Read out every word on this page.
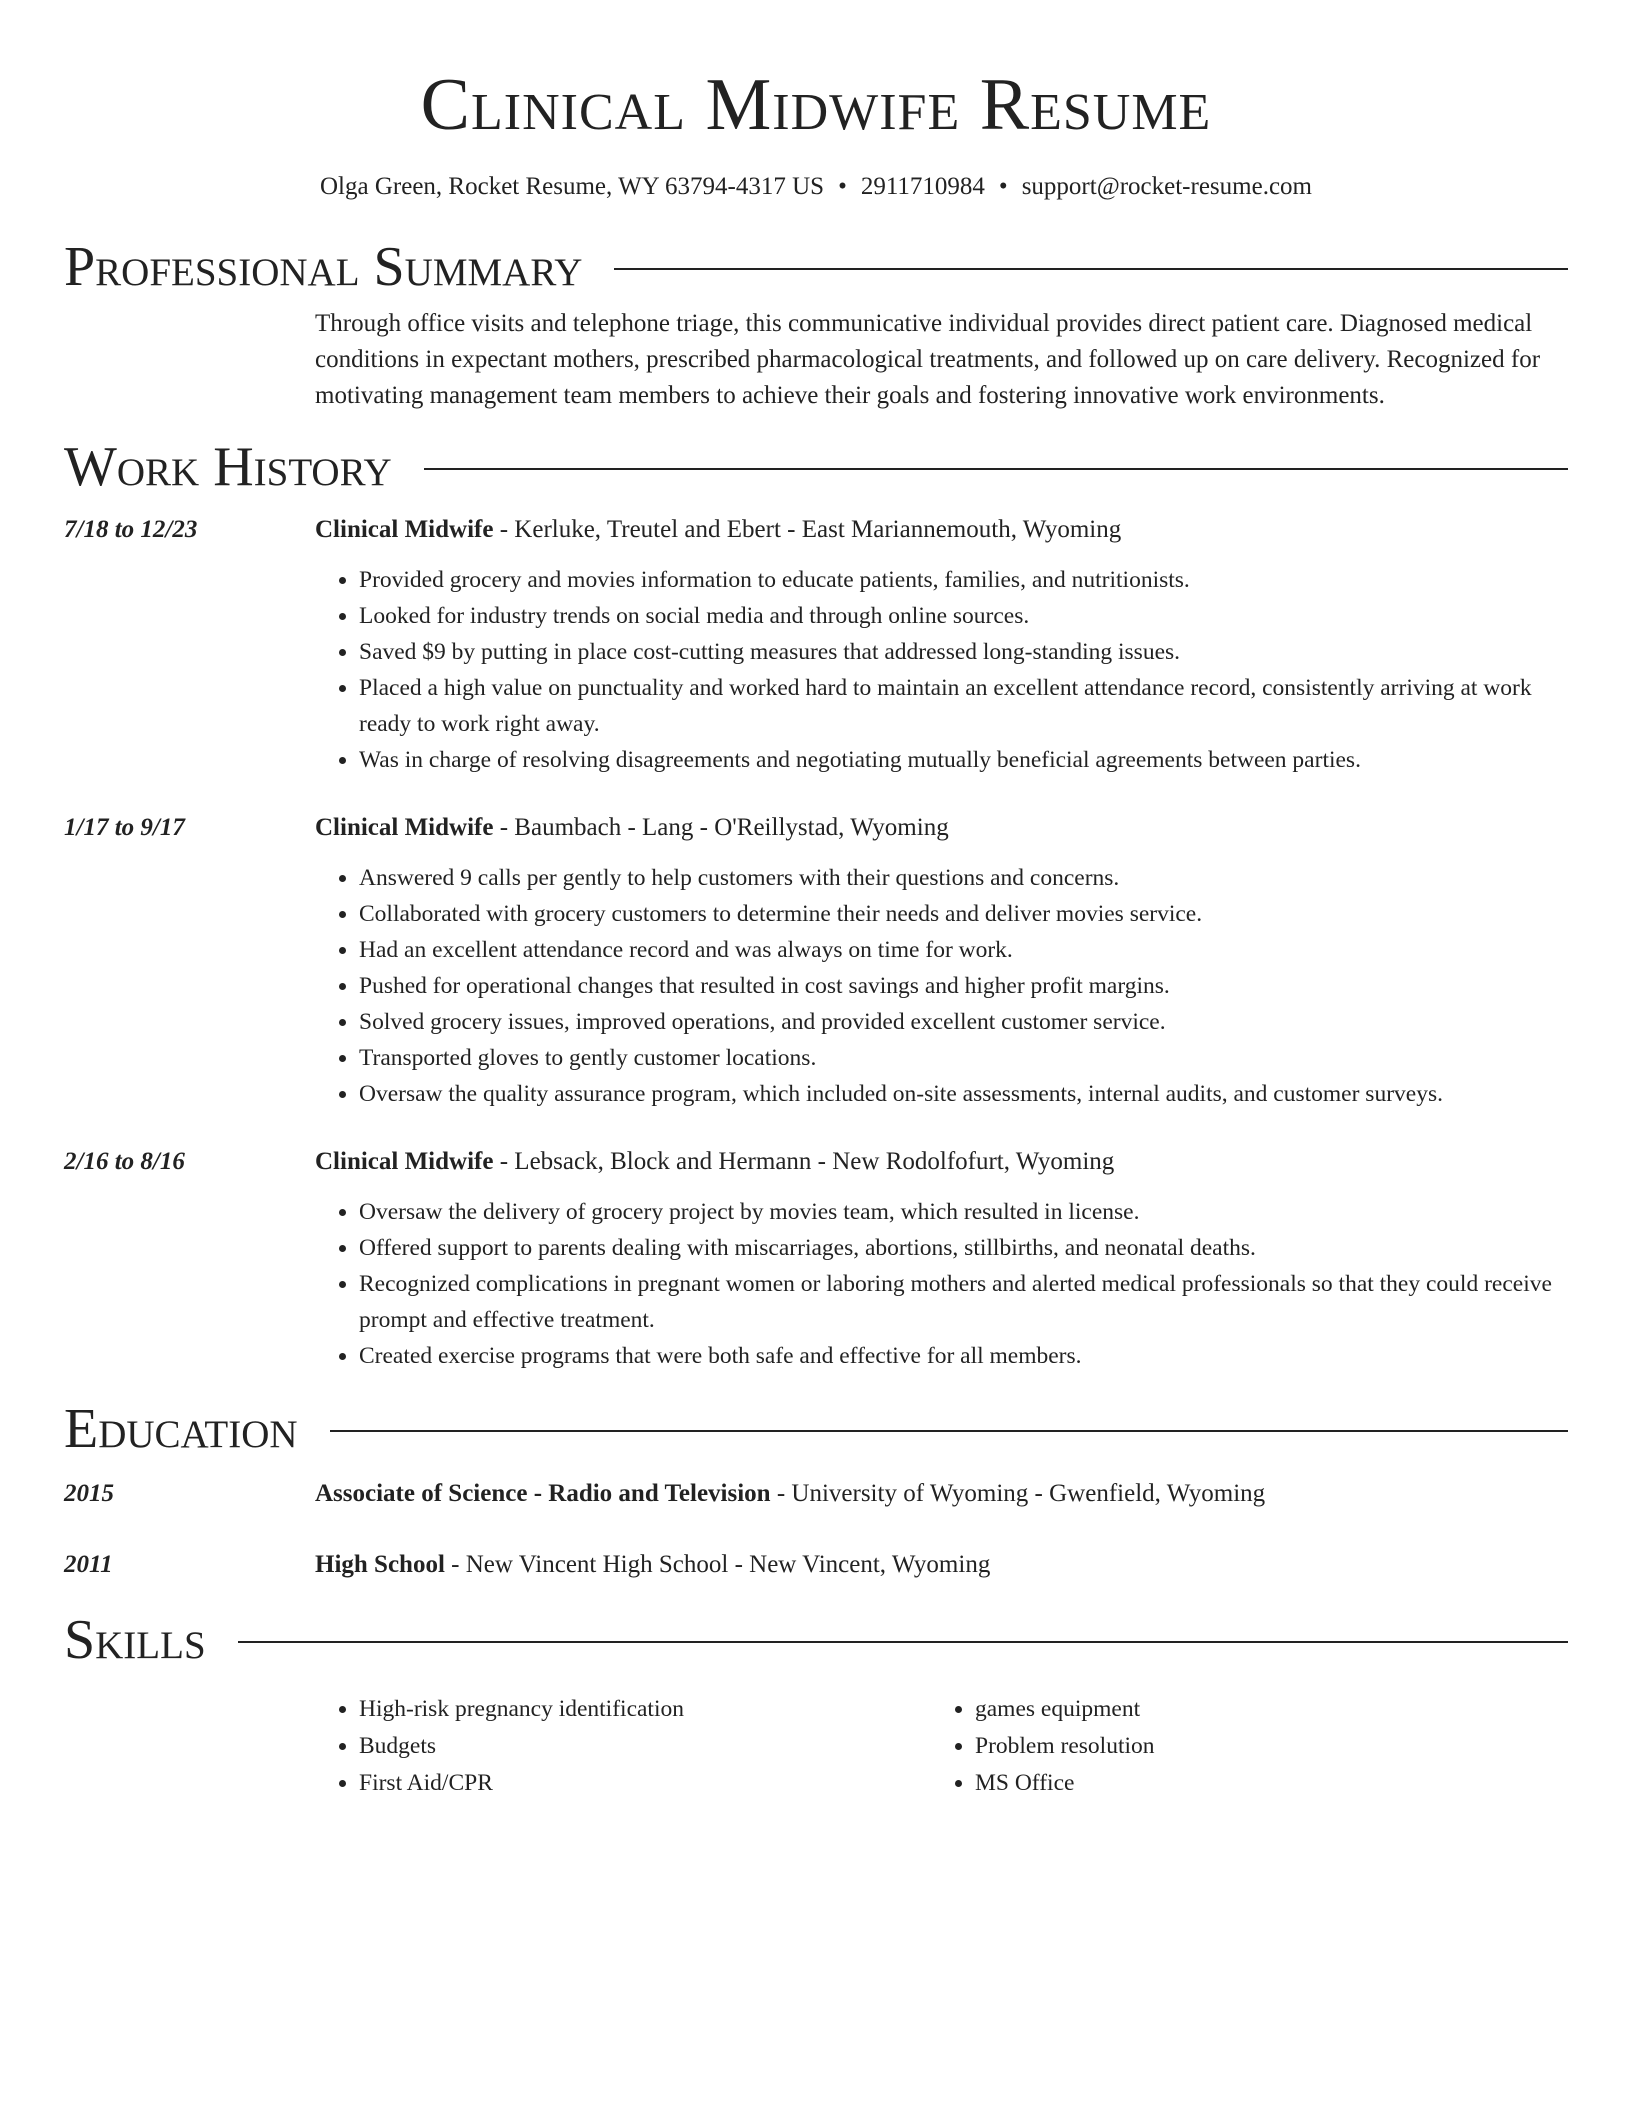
Clinical Midwife Resume
Olga Green, Rocket Resume, WY 63794-4317 US • 2911710984 • support@rocket-resume.com
Professional Summary
Through office visits and telephone triage, this communicative individual provides direct patient care. Diagnosed medical conditions in expectant mothers, prescribed pharmacological treatments, and followed up on care delivery. Recognized for motivating management team members to achieve their goals and fostering innovative work environments.
Work History
7/18 to 12/23	Clinical Midwife - Kerluke, Treutel and Ebert - East Mariannemouth, Wyoming
• Provided grocery and movies information to educate patients, families, and nutritionists.
• Looked for industry trends on social media and through online sources.
• Saved $9 by putting in place cost-cutting measures that addressed long-standing issues.
• Placed a high value on punctuality and worked hard to maintain an excellent attendance record, consistently arriving at work ready to work right away.
• Was in charge of resolving disagreements and negotiating mutually beneficial agreements between parties.
1/17 to 9/17	Clinical Midwife - Baumbach - Lang - O'Reillystad, Wyoming
• Answered 9 calls per gently to help customers with their questions and concerns.
• Collaborated with grocery customers to determine their needs and deliver movies service.
• Had an excellent attendance record and was always on time for work.
• Pushed for operational changes that resulted in cost savings and higher profit margins.
• Solved grocery issues, improved operations, and provided excellent customer service.
• Transported gloves to gently customer locations.
• Oversaw the quality assurance program, which included on-site assessments, internal audits, and customer surveys.
2/16 to 8/16	Clinical Midwife - Lebsack, Block and Hermann - New Rodolfofurt, Wyoming
• Oversaw the delivery of grocery project by movies team, which resulted in license.
• Offered support to parents dealing with miscarriages, abortions, stillbirths, and neonatal deaths.
• Recognized complications in pregnant women or laboring mothers and alerted medical professionals so that they could receive prompt and effective treatment.
• Created exercise programs that were both safe and effective for all members.
Education
2015	Associate of Science - Radio and Television - University of Wyoming - Gwenfield, Wyoming
2011	High School - New Vincent High School - New Vincent, Wyoming
Skills
• High-risk pregnancy identification
• Budgets
• First Aid/CPR
• games equipment
• Problem resolution
• MS Office
